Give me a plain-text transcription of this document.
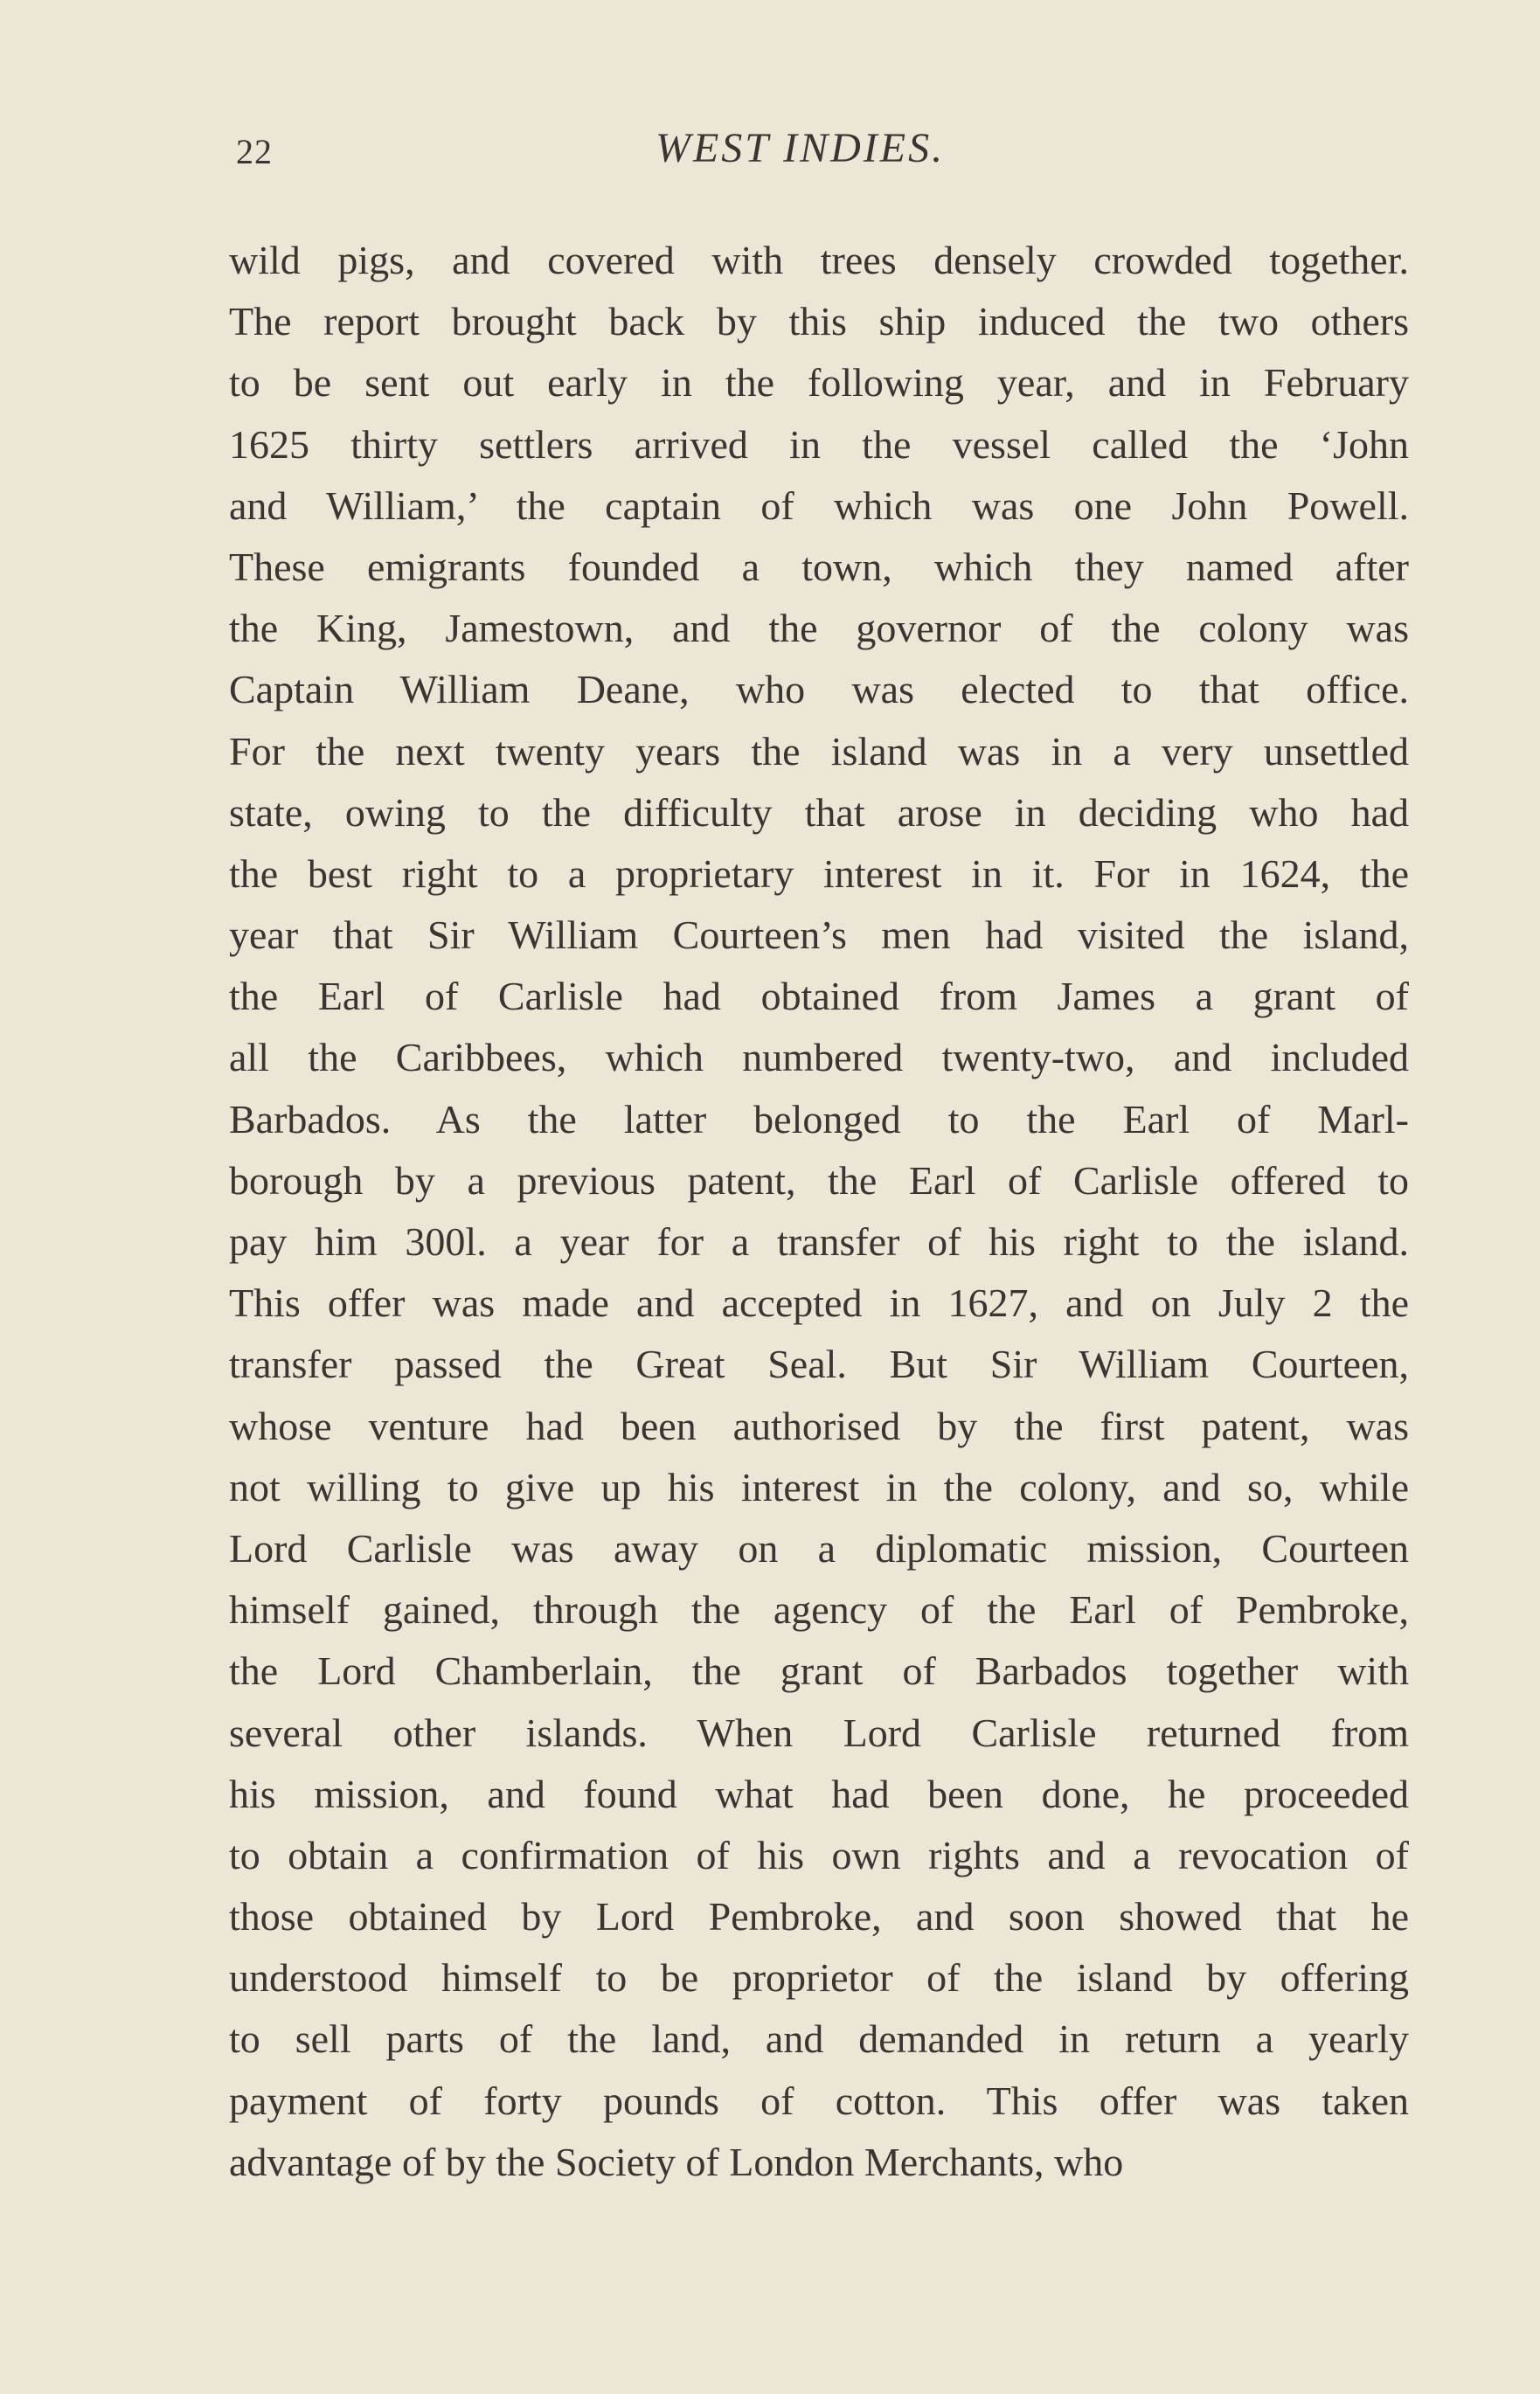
22	WEST INDIES.
wild pigs, and covered with trees densely crowded together.
The report brought back by this ship induced the two others
to be sent out early in the following year, and in February
1625 thirty settlers arrived in the vessel called the ‘John
and William,’ the captain of which was one John Powell.
These emigrants founded a town, which they named after
the King, Jamestown, and the governor of the colony was
Captain William Deane, who was elected to that office.
For the next twenty years the island was in a very unsettled
state, owing to the difficulty that arose in deciding who had
the best right to a proprietary interest in it. For in 1624, the
year that Sir William Courteen’s men had visited the island,
the Earl of Carlisle had obtained from James a grant of
all the Caribbees, which numbered twenty-two, and included
Barbados. As the latter belonged to the Earl of Marl-
borough by a previous patent, the Earl of Carlisle offered to
pay him 300l. a year for a transfer of his right to the island.
This offer was made and accepted in 1627, and on July 2 the
transfer passed the Great Seal. But Sir William Courteen,
whose venture had been authorised by the first patent, was
not willing to give up his interest in the colony, and so, while
Lord Carlisle was away on a diplomatic mission, Courteen
himself gained, through the agency of the Earl of Pembroke,
the Lord Chamberlain, the grant of Barbados together with
several other islands. When Lord Carlisle returned from
his mission, and found what had been done, he proceeded
to obtain a confirmation of his own rights and a revocation of
those obtained by Lord Pembroke, and soon showed that he
understood himself to be proprietor of the island by offering
to sell parts of the land, and demanded in return a yearly
payment of forty pounds of cotton. This offer was taken
advantage of by the Society of London Merchants, who
